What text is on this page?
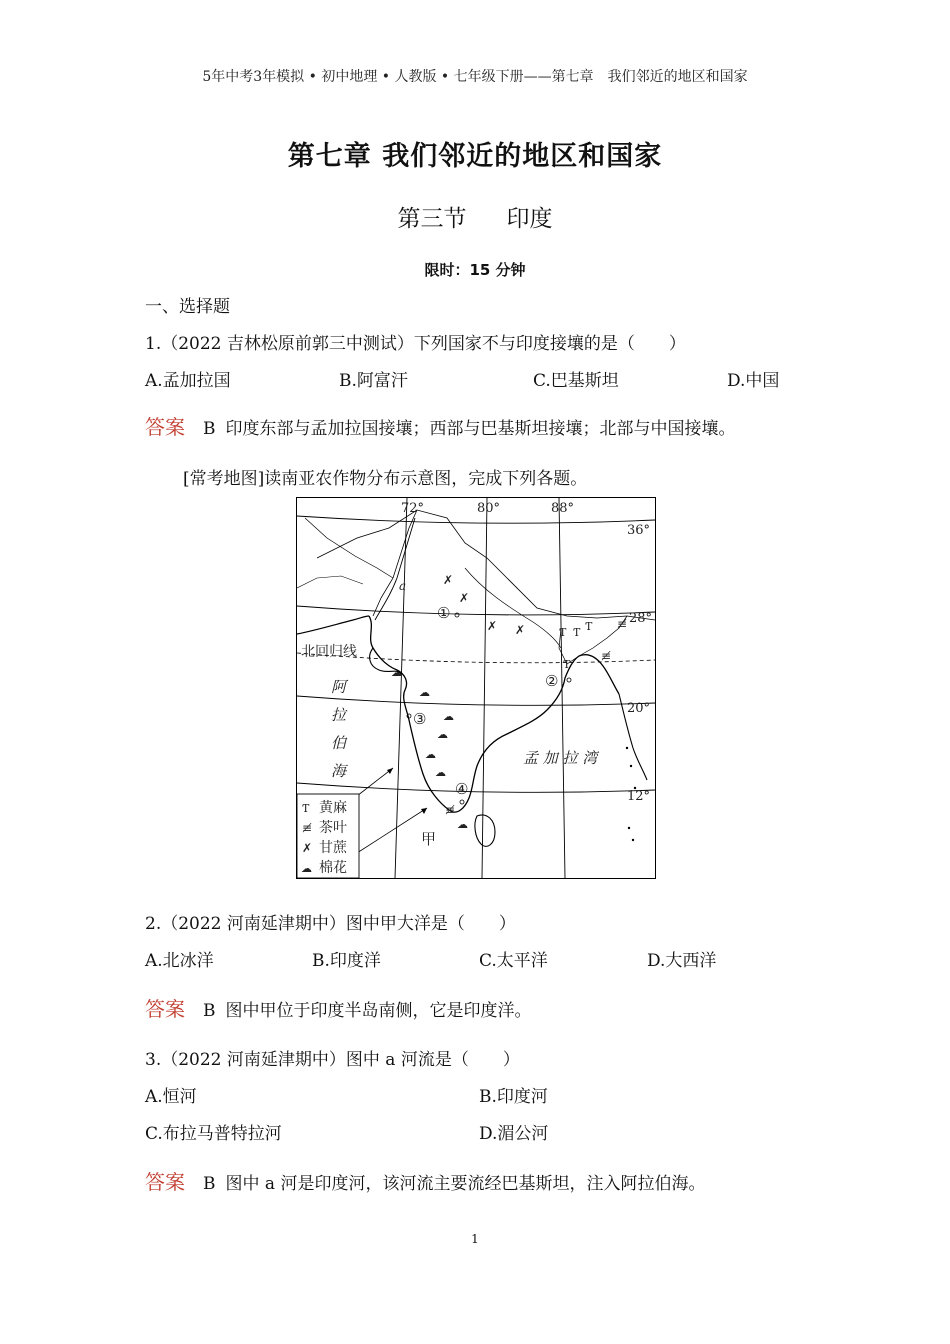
5年中考3年模拟 • 初中地理 • 人教版 • 七年级下册——第七章　我们邻近的地区和国家
第七章 我们邻近的地区和国家
第三节 印度
限时：15 分钟
一、选择题
1.（2022 吉林松原前郭三中测试）下列国家不与印度接壤的是（　　）
A.孟加拉国	B.阿富汗	C.巴基斯坦	D.中国
答案 B 印度东部与孟加拉国接壤；西部与巴基斯坦接壤；北部与中国接壤。
[常考地图]读南亚农作物分布示意图，完成下列各题。
72°	80°	88°
36°
28°
20°
12°
北回归线
a
阿
拉
伯
海
孟 加 拉 湾
甲
①
②
③
④
✗
✗
✗ ✗	Ƭ Ƭ
Ƭ
Ƭ ≢
≢
≢
☁
☁
☁
☁
☁
☁
☁
Ƭ 黄麻
≢ 茶叶
✗ 甘蔗
☁ 棉花
2.（2022 河南延津期中）图中甲大洋是（　　）
A.北冰洋	B.印度洋	C.太平洋	D.大西洋
答案 B 图中甲位于印度半岛南侧，它是印度洋。
3.（2022 河南延津期中）图中 a 河流是（　　）
A.恒河	B.印度河
C.布拉马普特拉河	D.湄公河
答案 B 图中 a 河是印度河，该河流主要流经巴基斯坦，注入阿拉伯海。
1
